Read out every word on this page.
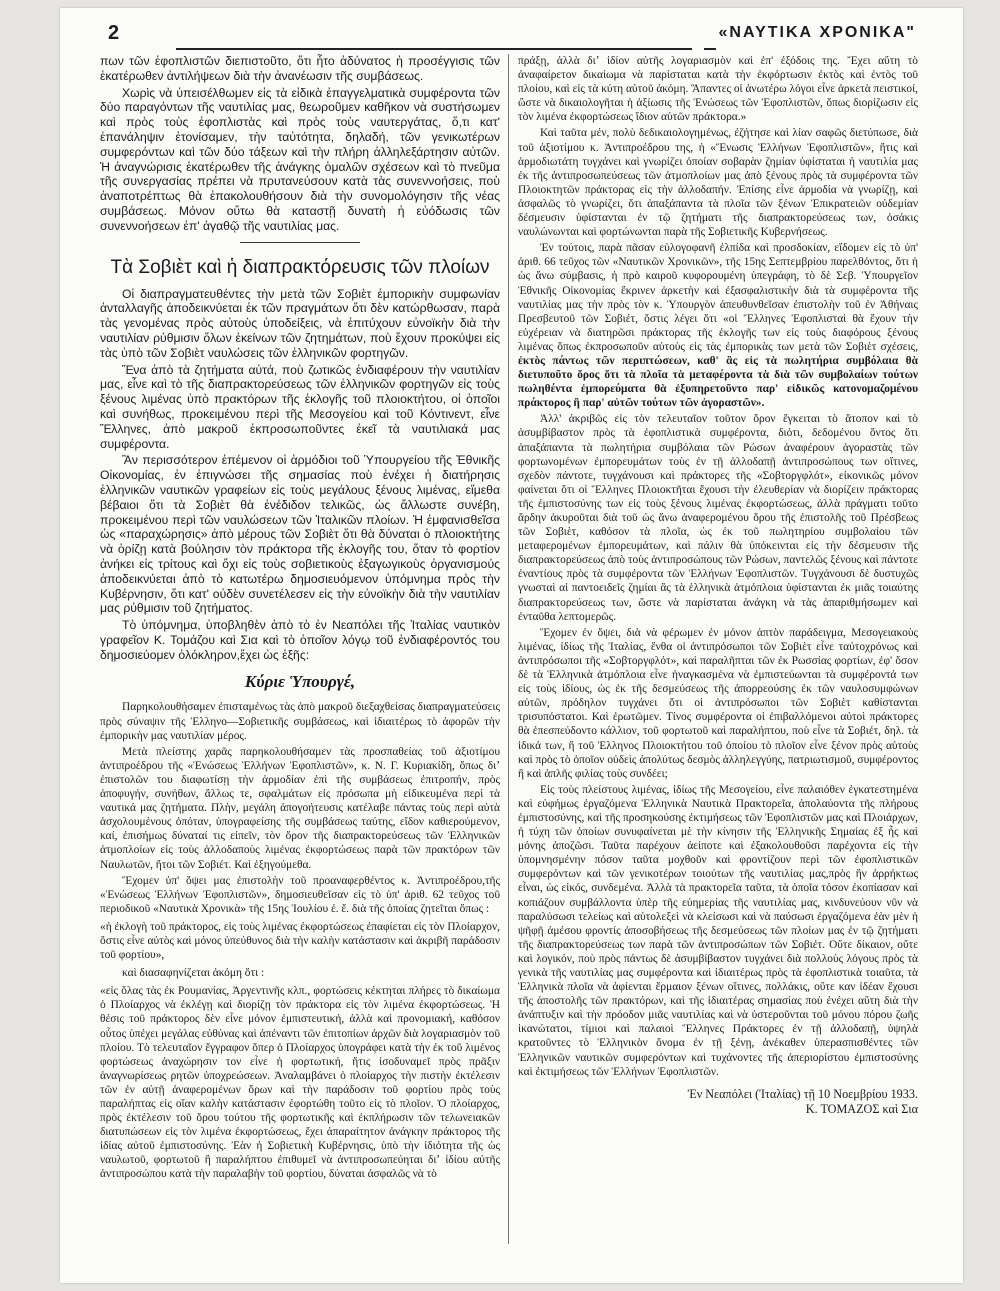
2	«ΝΑΥΤΙΚΑ ΧΡΟΝΙΚΑ"

πων τῶν ἐφοπλιστῶν διεπιστοῦτο, ὅτι ἦτο ἀδύνατος ἡ προσέγγισις τῶν ἑκατέρωθεν ἀντιλήψεων διὰ τὴν ἀνανέωσιν τῆς συμβάσεως.

Χωρὶς νὰ ὑπεισέλθωμεν εἰς τὰ εἰδικὰ ἐπαγγελματικὰ συμφέροντα τῶν δύο παραγόντων τῆς ναυτιλίας μας, θεωροῦμεν καθῆκον νὰ συστήσωμεν καὶ πρὸς τοὺς ἐφοπλιστὰς καὶ πρὸς τοὺς ναυτεργάτας, ὅ,τι κατ' ἐπανάληψιν ἐτονίσαμεν, τὴν ταὐτότητα, δηλαδή, τῶν γενικωτέρων συμφερόντων καὶ τῶν δύο τάξεων καὶ τὴν πλήρη ἀλληλεξάρτησιν αὐτῶν. Ἡ ἀναγνώρισις ἑκατέρωθεν τῆς ἀνάγκης ὁμαλῶν σχέσεων καὶ τὸ πνεῦμα τῆς συνεργασίας πρέπει νὰ πρυτανεύσουν κατὰ τὰς συνεννοήσεις, ποὺ ἀναποτρέπτως θὰ ἐπακολουθήσουν διὰ τὴν συνομολόγησιν τῆς νέας συμβάσεως. Μόνον οὕτω θὰ καταστῇ δυνατὴ ἡ εὐόδωσις τῶν συνεννοήσεων ἐπ' ἀγαθῷ τῆς ναυτιλίας μας.

Τὰ Σοβιὲτ καὶ ἡ διαπρακτόρευσις τῶν πλοίων

Οἱ διαπραγματευθέντες τὴν μετὰ τῶν Σοβιὲτ ἐμπορικὴν συμφωνίαν ἀνταλλαγῆς ἀποδεικνύεται ἐκ τῶν πραγμάτων ὅτι δὲν κατώρθωσαν, παρὰ τὰς γενομένας πρὸς αὐτοὺς ὑποδείξεις, νὰ ἐπιτύχουν εὐνοϊκὴν διὰ τὴν ναυτιλίαν ρύθμισιν ὅλων ἐκείνων τῶν ζητημάτων, ποὺ ἔχουν προκύψει εἰς τὰς ὑπὸ τῶν Σοβιὲτ ναυλώσεις τῶν ἑλληνικῶν φορτηγῶν.

Ἕνα ἀπὸ τὰ ζητήματα αὐτά, ποὺ ζωτικῶς ἐνδιαφέρουν τὴν ναυτιλίαν μας, εἶνε καὶ τὸ τῆς διαπρακτορεύσεως τῶν ἑλληνικῶν φορτηγῶν εἰς τοὺς ξένους λιμένας ὑπὸ πρακτόρων τῆς ἐκλογῆς τοῦ πλοιοκτήτου, οἱ ὁποῖοι καὶ συνήθως, προκειμένου περὶ τῆς Μεσογείου καὶ τοῦ Κόντινεντ, εἶνε Ἕλληνες, ἀπὸ μακροῦ ἐκπροσωποῦντες ἐκεῖ τὰ ναυτιλιακά μας συμφέροντα.

Ἂν περισσότερον ἐπέμενον οἱ ἁρμόδιοι τοῦ Ὑπουργείου τῆς Ἐθνικῆς Οἰκονομίας, ἐν ἐπιγνώσει τῆς σημασίας ποὺ ἐνέχει ἡ διατήρησις ἑλληνικῶν ναυτικῶν γραφείων εἰς τοὺς μεγάλους ξένους λιμένας, εἴμεθα βέβαιοι ὅτι τὰ Σοβιὲτ θὰ ἐνέδιδον τελικῶς, ὡς ἄλλωστε συνέβη, προκειμένου περὶ τῶν ναυλώσεων τῶν Ἰταλικῶν πλοίων. Ἡ ἐμφανισθεῖσα ὡς «παραχώρησις» ἀπὸ μέρους τῶν Σοβιὲτ ὅτι θὰ δύναται ὁ πλοιοκτήτης νὰ ὁρίζῃ κατὰ βούλησιν τὸν πράκτορα τῆς ἐκλογῆς του, ὅταν τὸ φορτίον ἀνήκει εἰς τρίτους καὶ ὄχι εἰς τοὺς σοβιετικοὺς ἐξαγωγικοὺς ὀργανισμούς ἀποδεικνύεται ἀπὸ τὸ κατωτέρω δημοσιευόμενον ὑπόμνημα πρὸς τὴν Κυβέρνησιν, ὅτι κατ' οὐδὲν συνετέλεσεν εἰς τὴν εὐνοϊκὴν διὰ τὴν ναυτιλίαν μας ρύθμισιν τοῦ ζητήματος.

Τὸ ὑπόμνημα, ὑποβληθὲν ἀπὸ τὸ ἐν Νεαπόλει τῆς Ἰταλίας ναυτικὸν γραφεῖον Κ. Τομάζου καὶ Σια καὶ τὸ ὁποῖον λόγῳ τοῦ ἐνδιαφέροντός του δημοσιεύομεν ὁλόκληρον,ἔχει ὡς ἑξῆς:

Κύριε Ὑπουργέ,

Παρηκολουθήσαμεν ἐπισταμένως τὰς ἀπὸ μακροῦ διεξαχθείσας διαπραγματεύσεις πρὸς σύναψιν τῆς Ἑλληνο—Σοβιετικῆς συμβάσεως, καὶ ἰδιαιτέρως τὸ ἀφορῶν τὴν ἐμπορικὴν μας ναυτιλίαν μέρος.

Μετὰ πλείστης χαρᾶς παρηκολουθήσαμεν τὰς προσπαθείας τοῦ ἀξιοτίμου ἀντιπροέδρου τῆς «Ἑνώσεως Ἑλλήνων Ἐφοπλιστῶν», κ. Ν. Γ. Κυριακίδη, ὅπως διʼ ἐπιστολῶν του διαφωτίσῃ τὴν ἁρμοδίαν ἐπὶ τῆς συμβάσεως ἐπιτροπήν, πρὸς ἀποφυγήν, συνήθων, ἄλλως τε, σφαλμάτων εἰς πρόσωπα μὴ εἰδικευμένα περὶ τὰ ναυτικά μας ζητήματα. Πλὴν, μεγάλη ἀπογοήτευσις κατέλαβε πάντας τοὺς περὶ αὐτὰ ἀσχολουμένους ὁπόταν, ὑπογραφείσης τῆς συμβάσεως ταύτης, εἴδον καθιερούμενον, καί, ἐπισήμως δύναταί τις εἰπεῖν, τὸν ὅρον τῆς διαπρακτορεύσεως τῶν Ἑλληνικῶν ἀτμοπλοίων εἰς τοὺς ἀλλοδαποὺς λιμένας ἐκφορτώσεως παρὰ τῶν πρακτόρων τῶν Ναυλωτῶν, ἤτοι τῶν Σοβιέτ. Καὶ ἐξηγούμεθα.

Ἔχομεν ὑπ' ὄψει μας ἐπιστολὴν τοῦ προαναφερθέντος κ. Ἀντιπροέδρου,τῆς «Ἑνώσεως Ἑλλήνων Ἐφοπλιστῶν», δημοσιευθεῖσαν εἰς τὸ ὑπ' ἀριθ. 62 τεῦχος τοῦ περιοδικοῦ «Ναυτικὰ Χρονικὰ» τῆς 15ης Ἰουλίου ἐ. ἔ. διὰ τῆς ὁποίας ζητεῖται ὅπως :

«ἡ ἐκλογὴ τοῦ πράκτορος, εἰς τοὺς λιμένας ἐκφορτώσεως ἐπαφίεται εἰς τὸν Πλοίαρχον, ὅστις εἶνε αὐτὸς καὶ μόνος ὑπεύθυνος διὰ τὴν καλὴν κατάστασιν καὶ ἀκριβῆ παράδοσιν τοῦ φορτίου»,

καὶ διασαφηνίζεται ἀκόμη ὅτι :

«εἰς ὅλας τὰς ἐκ Ρουμανίας, Ἀργεντινῆς κλπ., φορτώσεις κέκτηται πλήρες τὸ δικαίωμα ὁ Πλοίαρχος νὰ ἐκλέγῃ καὶ διορίζῃ τὸν πράκτορα εἰς τὸν λιμένα ἐκφορτώσεως. Ἡ θέσις τοῦ πράκτορος δὲν εἶνε μόνον ἐμπιστευτική, ἀλλὰ καὶ προνομιακή, καθόσον οὗτος ὑπέχει μεγάλας εὐθύνας καὶ ἀπέναντι τῶν ἐπιτοπίων ἀρχῶν διὰ λογαριασμὸν τοῦ πλοίου. Τὸ τελευταῖον ἔγγραφον ὅπερ ὁ Πλοίαρχος ὑπογράφει κατὰ τὴν ἐκ τοῦ λιμένος φορτώσεως ἀναχώρησιν τον εἶνε ἡ φορτωτική, ἥτις ἰσοδυναμεῖ πρὸς πρᾶξιν ἀναγνωρίσεως ρητῶν ὑποχρεώσεων. Ἀναλαμβάνει ὁ πλοίαρχος τὴν πιστὴν ἐκτέλεσιν τῶν ἐν αὐτῇ ἀναφερομένων ὅρων καὶ τὴν παράδοσιν τοῦ φορτίου πρὸς τοὺς παραλήπτας εἰς οἵαν καλὴν κατάστασιν ἐφορτώθη τοῦτο εἰς τὸ πλοῖον. Ὁ πλοίαρχος, πρὸς ἐκτέλεσιν τοῦ ὅρου τούτου τῆς φορτωτικῆς καὶ ἐκπλήρωσιν τῶν τελωνειακῶν διατυπώσεων εἰς τὸν λιμένα ἐκφορτώσεως, ἔχει ἀπαραίτητον ἀνάγκην πράκτορος τῆς ἰδίας αὐτοῦ ἐμπιστοσύνης. Ἐὰν ἡ Σοβιετικὴ Κυβέρνησις, ὑπὸ τὴν ἰδιότητα τῆς ὡς ναυλωτοῦ, φορτωτοῦ ἢ παραλήπτου ἐπιθυμεῖ νὰ ἀντιπροσωπεύηται διʼ ἰδίου αὐτῆς ἀντιπροσώπου κατὰ τὴν παραλαβὴν τοῦ φορτίου, δύναται ἀσφαλῶς νὰ τὸ

πράξῃ, ἀλλὰ διʼ ἰδίον αὐτῆς λογαριασμὸν καὶ ἐπ' ἐξόδοις της. Ἔχει αὕτη τὸ ἀναφαίρετον δικαίωμα νὰ παρίσταται κατὰ τὴν ἐκφόρτωσιν ἐκτὸς καὶ ἐντὸς τοῦ πλοίου, καὶ εἰς τὰ κύτη αὐτοῦ ἀκόμη. Ἅπαντες οἱ ἀνωτέρω λόγοι εἶνε ἀρκετὰ πειστικοί, ὥστε νὰ δικαιολογῆται ἡ ἀξίωσις τῆς Ἑνώσεως τῶν Ἐφοπλιστῶν, ὅπως διορίζωσιν εἰς τὸν λιμένα ἐκφορτώσεως ἴδιον αὐτῶν πράκτορα.»

Καὶ ταῦτα μέν, πολὺ δεδικαιολογημένως, ἐζήτησε καὶ λίαν σαφῶς διετύπωσε, διὰ τοῦ ἀξιοτίμου κ. Ἀντιπροέδρου της, ἡ «Ἕνωσις Ἑλλήνων Ἐφοπλιστῶν», ἥτις καὶ ἁρμοδιωτάτη τυγχάνει καὶ γνωρίζει ὁποίαν σοβαρὰν ζημίαν ὑφίσταται ἡ ναυτιλία μας ἐκ τῆς ἀντιπροσωπεύσεως τῶν ἀτμοπλοίων μας ἀπὸ ξένους πρὸς τὰ συμφέροντα τῶν Πλοιοκτητῶν πράκτορας εἰς τὴν ἀλλοδαπήν. Ἐπίσης εἶνε ἀρμοδία νὰ γνωρίζῃ, καὶ ἀσφαλῶς τὸ γνωρίζει, ὅτι ἁπαξάπαντα τὰ πλοῖα τῶν ξένων Ἐπικρατειῶν οὐδεμίαν δέσμευσιν ὑφίστανται ἐν τῷ ζητήματι τῆς διαπρακτορεύσεως των, ὁσάκις ναυλώνωνται καὶ φορτώνωνται παρὰ τῆς Σοβιετικῆς Κυβερνήσεως.

Ἐν τούτοις, παρὰ πᾶσαν εὐλογοφανῆ ἐλπίδα καὶ προσδοκίαν, εἴδομεν εἰς τὸ ὑπ' ἀριθ. 66 τεῦχος τῶν «Ναυτικῶν Χρονικῶν», τῆς 15ης Σεπτεμβρίου παρελθόντος, ὅτι ἡ ὡς ἄνω σύμβασις, ἡ πρὸ καιροῦ κυφορουμένη ὑπεγράφη, τὸ δὲ Σεβ. Ὑπουργεῖον Ἐθνικῆς Οἰκονομίας ἔκρινεν ἀρκετὴν καὶ ἐξασφαλιστικὴν διὰ τὰ συμφέροντα τῆς ναυτιλίας μας τὴν πρὸς τὸν κ. Ὑπουργὸν ἀπευθυνθεῖσαν ἐπιστολὴν τοῦ ἐν Ἀθήναις Πρεσβευτοῦ τῶν Σοβιέτ, ὅστις λέγει ὅτι «οἱ Ἕλληνες Ἐφοπλισταὶ θὰ ἔχουν τὴν εὐχέρειαν νὰ διατηρῶσι πράκτορας τῆς ἐκλογῆς των εἰς τοὺς διαφόρους ξένους λιμένας ὅπως ἐκπροσωποῦν αὐτοὺς εἰς τὰς ἐμπορικὰς των μετὰ τῶν Σοβιὲτ σχέσεις, ἐκτὸς πάντως τῶν περιπτώσεων, καθ' ἃς εἰς τὰ πωλητήρια συμβόλαια θὰ διετυποῦτο ὅρος ὅτι τὰ πλοῖα τὰ μεταφέροντα τὰ διὰ τῶν συμβολαίων τούτων πωληθέντα ἐμπορεύματα θὰ ἐξυπηρετοῦντο παρ' εἰδικῶς κατονομαζομένου πράκτορος ἢ παρ' αὐτῶν τούτων τῶν ἀγοραστῶν».

Ἀλλ' ἀκριβῶς εἰς τὸν τελευταῖον τοῦτον ὅρον ἔγκειται τὸ ἄτοπον καὶ τὸ ἀσυμβίβαστον πρὸς τὰ ἐφοπλιστικὰ συμφέροντα, διότι, δεδομένου ὄντος ὅτι ἁπαξάπαντα τὰ πωλητήρια συμβόλαια τῶν Ρώσων ἀναφέρουν ἀγοραστὰς τῶν φορτωνομένων ἐμπορευμάτων τοὺς ἐν τῇ ἀλλοδαπῇ ἀντιπροσώπους των οἵτινες, σχεδὸν πάντοτε, τυγχάνουσι καὶ πράκτορες τῆς «Σοβτοργφλότ», εἰκονικῶς μόνον φαίνεται ὅτι οἱ Ἕλληνες Πλοιοκτῆται ἔχουσι τὴν ἐλευθερίαν νὰ διορίζειν πράκτορας τῆς ἐμπιστοσύνης των εἰς τοὺς ξένους λιμένας ἐκφορτώσεως, ἀλλὰ πράγματι τοῦτο ἄρδην ἀκυροῦται διὰ τοῦ ὡς ἄνω ἀναφερομένου ὅρου τῆς ἐπιστολῆς τοῦ Πρέσβεως τῶν Σοβιὲτ, καθόσον τὰ πλοῖα, ὡς ἐκ τοῦ πωλητηρίου συμβολαίου τῶν μεταφερομένων ἐμπορευμάτων, καὶ πάλιν θὰ ὑπόκεινται εἰς τὴν δέσμευσιν τῆς διαπρακτορεύσεως ἀπὸ τοὺς ἀντιπροσώπους τῶν Ρώσων, παντελῶς ξένους καὶ πάντοτε ἐναντίους πρὸς τὰ συμφέροντα τῶν Ἑλλήνων Ἐφοπλιστῶν. Τυγχάνουσι δὲ δυστυχῶς γνωσταὶ αἱ παντοειδεῖς ζημίαι ἃς τὰ ἑλληνικὰ ἀτμόπλοια ὑφίστανται ἐκ μιᾶς τοιαύτης διαπρακτορεύσεως των, ὥστε νὰ παρίσταται ἀνάγκη νὰ τὰς ἀπαριθμήσωμεν καὶ ἐνταῦθα λεπτομερῶς.

Ἔχομεν ἐν ὄψει, διὰ νὰ φέρωμεν ἐν μόνον ἀπτὸν παράδειγμα, Μεσογειακοὺς λιμένας, ἰδίως τῆς Ἰταλίας, ἔνθα οἱ ἀντιπρόσωποι τῶν Σοβιὲτ εἶνε ταὐτοχρόνως καὶ ἀντιπρόσωποι τῆς «Σοβτοργφλότ», καὶ παραλῆπται τῶν ἐκ Ρωσσίας φορτίων, ἐφ' ὅσον δὲ τὰ Ἑλληνικὰ ἀτμόπλοια εἶνε ἠναγκασμένα νὰ ἐμπιστεύωνται τὰ συμφέροντά των εἰς τοὺς ἰδίους, ὡς ἐκ τῆς δεσμεύσεως τῆς ἀπορρεούσης ἐκ τῶν ναυλοσυμφώνων αὐτῶν, πρόδηλον τυγχάνει ὅτι οἱ ἀντιπρόσωποι τῶν Σοβιὲτ καθίστανται τρισυπόστατοι. Καὶ ἐρωτῶμεν. Τίνος συμφέροντα οἱ ἐπιβαλλόμενοι αὐτοὶ πράκτορες θὰ ἐπεσπεύδοντο κάλλιον, τοῦ φορτωτοῦ καὶ παραλήπτου, ποὺ εἶνε τὰ Σοβιέτ, δηλ. τὰ ἰδικά των, ἢ τοῦ Ἑλληνος Πλοιοκτήτου τοῦ ὁποίου τὸ πλοῖον εἶνε ξένον πρὸς αὐτοὺς καὶ πρὸς τὸ ὁποῖον οὐδεὶς ἀπολύτως δεσμὸς ἀλληλεγγύης, πατριωτισμοῦ, συμφέροντος ἢ καὶ ἁπλῆς φιλίας τοὺς συνδέει;

Εἰς τοὺς πλείστους λιμένας, ἰδίως τῆς Μεσογείου, εἶνε παλαιόθεν ἐγκατεστημένα καὶ εὐφήμως ἐργαζόμενα Ἑλληνικὰ Ναυτικὰ Πρακτορεῖα, ἀπολαύοντα τῆς πλήρους ἐμπιστοσύνης, καὶ τῆς προσηκούσης ἐκτιμήσεως τῶν Ἐφοπλιστῶν μας καὶ Πλοιάρχων, ἡ τύχη τῶν ὁποίων συνυφαίνεται μὲ τὴν κίνησιν τῆς Ἑλληνικῆς Σημαίας ἐξ ἧς καὶ μόνης ἀποζῶσι. Ταῦτα παρέχουν ἀείποτε καὶ ἐξακολουθοῦσι παρέχοντα εἰς τὴν ὑπομνησμένην πόσον ταῦτα μοχθοῦν καὶ φροντίζουν περὶ τῶν ἐφοπλιστικῶν συμφερόντων καὶ τῶν γενικοτέρων τοιούτων τῆς ναυτιλίας μας,πρὸς ἣν ἀρρήκτως εἶναι, ὡς εἰκός, συνδεμένα. Ἀλλὰ τὰ πρακτορεῖα ταῦτα, τὰ ὁποῖα τόσον ἐκοπίασαν καὶ κοπιάζουν συμβάλλοντα ὑπὲρ τῆς εὐημερίας τῆς ναυτιλίας μας, κινδυνεύουν νῦν νὰ παραλύσωσι τελείως καὶ αὐτολεξεὶ νὰ κλείσωσι καὶ νὰ παύσωσι ἐργαζόμενα ἐὰν μὲν ἡ ψῆφῇ ἀμέσου φροντίς ἀποσοβήσεως τῆς δεσμεύσεως τῶν πλοίων μας ἐν τῷ ζητήματι τῆς διαπρακτορεύσεως των παρὰ τῶν ἀντιπροσώπων τῶν Σοβιέτ. Οὔτε δίκαιον, οὔτε καὶ λογικόν, ποὺ πρὸς πάντως δὲ ἀσυμβίβαστον τυγχάνει διὰ πολλοὺς λόγους πρὸς τὰ γενικὰ τῆς ναυτιλίας μας συμφέροντα καὶ ἰδιαιτέρως πρὸς τὰ ἐφοπλιστικὰ τοιαῦτα, τὰ Ἑλληνικὰ πλοῖα νὰ ἀφίενται ἕρμαιον ξένων οἵτινες, πολλάκις, οὔτε καν ἰδέαν ἔχουσι τῆς ἀποστολῆς τῶν πρακτόρων, καὶ τῆς ἰδιαιτέρας σημασίας ποὺ ἐνέχει αὕτη διὰ τὴν ἀνάπτυξιν καὶ τὴν πρόοδον μιᾶς ναυτιλίας καὶ νὰ ὑστεροῦνται τοῦ μόνου πόρου ζωῆς ἱκανώτατοι, τίμιοι καὶ παλαιοὶ Ἕλληνες Πράκτορες ἐν τῇ ἀλλοδαπῇ, ὑψηλὰ κρατοῦντες τὸ Ἑλληνικὸν ὄνομα ἐν τῇ ξένῃ, ἀνέκαθεν ὑπερασπισθέντες τῶν Ἑλληνικῶν ναυτικῶν συμφερόντων καὶ τυχάνοντες τῆς ἀπεριορίστου ἐμπιστοσύνης καὶ ἐκτιμήσεως τῶν Ἑλλήνων Ἐφοπλιστῶν.

Ἐν Νεαπόλει (Ἰταλίας) τῇ 10 Νοεμβρίου 1933.
Κ. ΤΟΜΑΖΟΣ καὶ Σια
